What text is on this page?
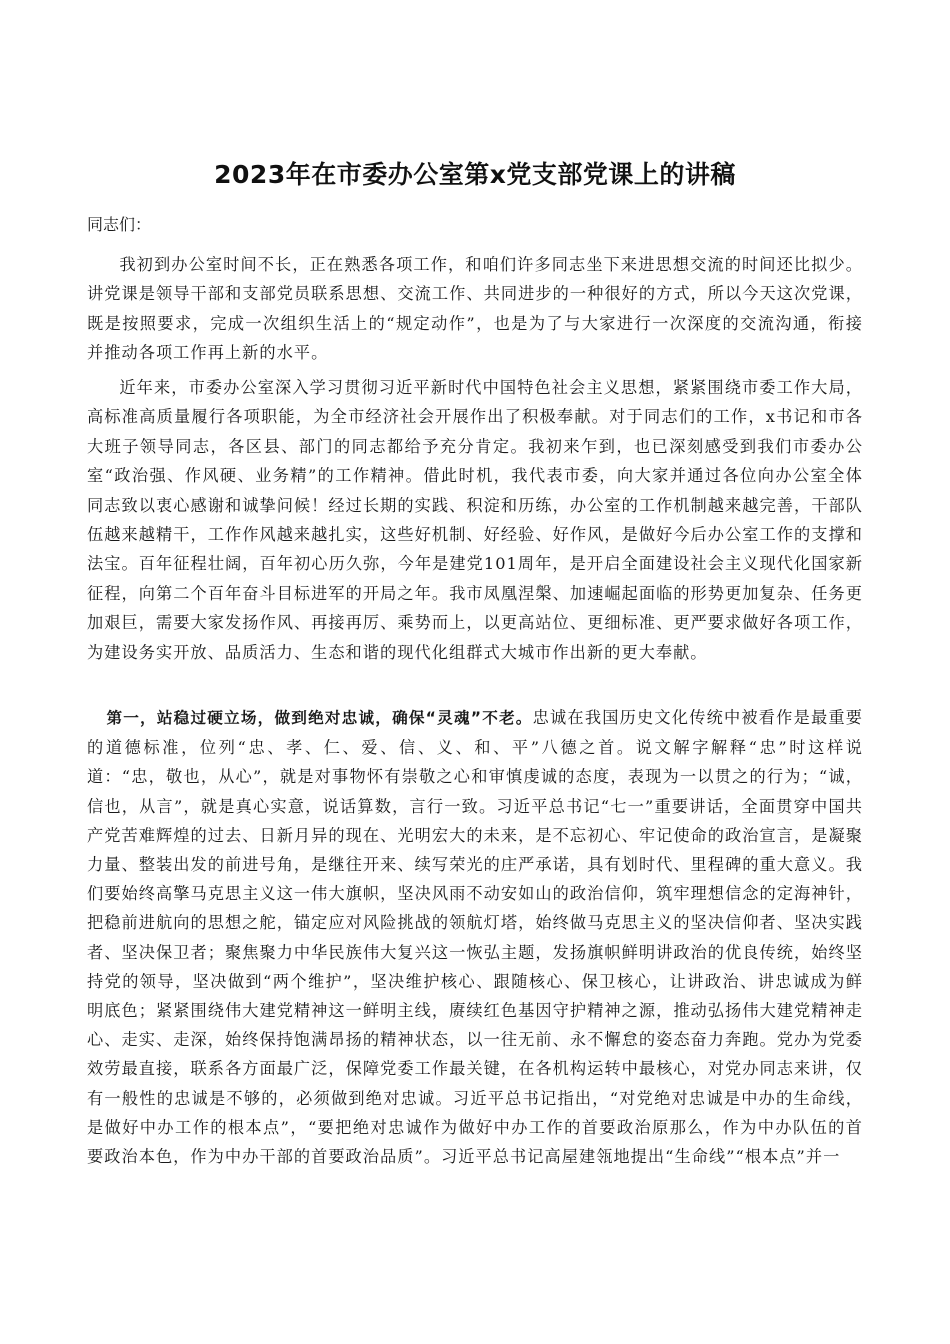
2023年在市委办公室第x党支部党课上的讲稿

同志们：

我初到办公室时间不长，正在熟悉各项工作，和咱们许多同志坐下来进思想交流的时间还比拟少。讲党课是领导干部和支部党员联系思想、交流工作、共同进步的一种很好的方式，所以今天这次党课，既是按照要求，完成一次组织生活上的“规定动作”，也是为了与大家进行一次深度的交流沟通，衔接并推动各项工作再上新的水平。

近年来，市委办公室深入学习贯彻习近平新时代中国特色社会主义思想，紧紧围绕市委工作大局，高标准高质量履行各项职能，为全市经济社会开展作出了积极奉献。对于同志们的工作，x书记和市各大班子领导同志，各区县、部门的同志都给予充分肯定。我初来乍到，也已深刻感受到我们市委办公室“政治强、作风硬、业务精”的工作精神。借此时机，我代表市委，向大家并通过各位向办公室全体同志致以衷心感谢和诚挚问候！经过长期的实践、积淀和历练，办公室的工作机制越来越完善，干部队伍越来越精干，工作作风越来越扎实，这些好机制、好经验、好作风，是做好今后办公室工作的支撑和法宝。百年征程壮阔，百年初心历久弥，今年是建党101周年，是开启全面建设社会主义现代化国家新征程，向第二个百年奋斗目标进军的开局之年。我市凤凰涅槃、加速崛起面临的形势更加复杂、任务更加艰巨，需要大家发扬作风、再接再厉、乘势而上，以更高站位、更细标准、更严要求做好各项工作，为建设务实开放、品质活力、生态和谐的现代化组群式大城市作出新的更大奉献。

第一，站稳过硬立场，做到绝对忠诚，确保“灵魂”不老。忠诚在我国历史文化传统中被看作是最重要的道德标准，位列“忠、孝、仁、爱、信、义、和、平”八德之首。说文解字解释“忠”时这样说道：“忠，敬也，从心”，就是对事物怀有崇敬之心和审慎虔诚的态度，表现为一以贯之的行为；“诚，信也，从言”，就是真心实意，说话算数，言行一致。习近平总书记“七一”重要讲话，全面贯穿中国共产党苦难辉煌的过去、日新月异的现在、光明宏大的未来，是不忘初心、牢记使命的政治宣言，是凝聚力量、整装出发的前进号角，是继往开来、续写荣光的庄严承诺，具有划时代、里程碑的重大意义。我们要始终高擎马克思主义这一伟大旗帜，坚决风雨不动安如山的政治信仰，筑牢理想信念的定海神针，把稳前进航向的思想之舵，锚定应对风险挑战的领航灯塔，始终做马克思主义的坚决信仰者、坚决实践者、坚决保卫者；聚焦聚力中华民族伟大复兴这一恢弘主题，发扬旗帜鲜明讲政治的优良传统，始终坚持党的领导，坚决做到“两个维护”，坚决维护核心、跟随核心、保卫核心，让讲政治、讲忠诚成为鲜明底色；紧紧围绕伟大建党精神这一鲜明主线，赓续红色基因守护精神之源，推动弘扬伟大建党精神走心、走实、走深，始终保持饱满昂扬的精神状态，以一往无前、永不懈怠的姿态奋力奔跑。党办为党委效劳最直接，联系各方面最广泛，保障党委工作最关键，在各机构运转中最核心，对党办同志来讲，仅有一般性的忠诚是不够的，必须做到绝对忠诚。习近平总书记指出，“对党绝对忠诚是中办的生命线，是做好中办工作的根本点”，“要把绝对忠诚作为做好中办工作的首要政治原那么，作为中办队伍的首要政治本色，作为中办干部的首要政治品质”。习近平总书记高屋建瓴地提出“生命线”“根本点”并一
